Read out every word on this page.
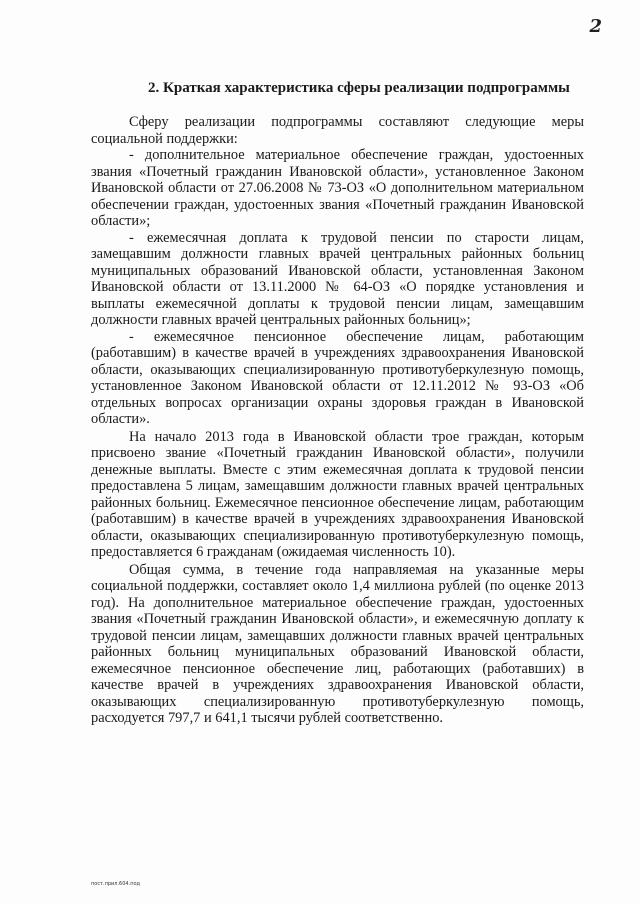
2
2. Краткая характеристика сферы реализации подпрограммы

Сферу реализации подпрограммы составляют следующие меры социальной поддержки:

- дополнительное материальное обеспечение граждан, удостоенных звания «Почетный гражданин Ивановской области», установленное Законом Ивановской области от 27.06.2008 № 73-ОЗ «О дополнительном материальном обеспечении граждан, удостоенных звания «Почетный гражданин Ивановской области»;

- ежемесячная доплата к трудовой пенсии по старости лицам, замещавшим должности главных врачей центральных районных больниц муниципальных образований Ивановской области, установленная Законом Ивановской области от 13.11.2000 № 64-ОЗ «О порядке установления и выплаты ежемесячной доплаты к трудовой пенсии лицам, замещавшим должности главных врачей центральных районных больниц»;

- ежемесячное пенсионное обеспечение лицам, работающим (работавшим) в качестве врачей в учреждениях здравоохранения Ивановской области, оказывающих специализированную противотуберкулезную помощь, установленное Законом Ивановской области от 12.11.2012 № 93-ОЗ «Об отдельных вопросах организации охраны здоровья граждан в Ивановской области».

На начало 2013 года в Ивановской области трое граждан, которым присвоено звание «Почетный гражданин Ивановской области», получили денежные выплаты. Вместе с этим ежемесячная доплата к трудовой пенсии предоставлена 5 лицам, замещавшим должности главных врачей центральных районных больниц. Ежемесячное пенсионное обеспечение лицам, работающим (работавшим) в качестве врачей в учреждениях здравоохранения Ивановской области, оказывающих специализированную противотуберкулезную помощь, предоставляется 6 гражданам (ожидаемая численность 10).

Общая сумма, в течение года направляемая на указанные меры социальной поддержки, составляет около 1,4 миллиона рублей (по оценке 2013 год). На дополнительное материальное обеспечение граждан, удостоенных звания «Почетный гражданин Ивановской области», и ежемесячную доплату к трудовой пенсии лицам, замещавших должности главных врачей центральных районных больниц муниципальных образований Ивановской области, ежемесячное пенсионное обеспечение лиц, работающих (работавших) в качестве врачей в учреждениях здравоохранения Ивановской области, оказывающих специализированную противотуберкулезную помощь, расходуется 797,7 и 641,1 тысячи рублей соответственно.

пост.прил.604.под
